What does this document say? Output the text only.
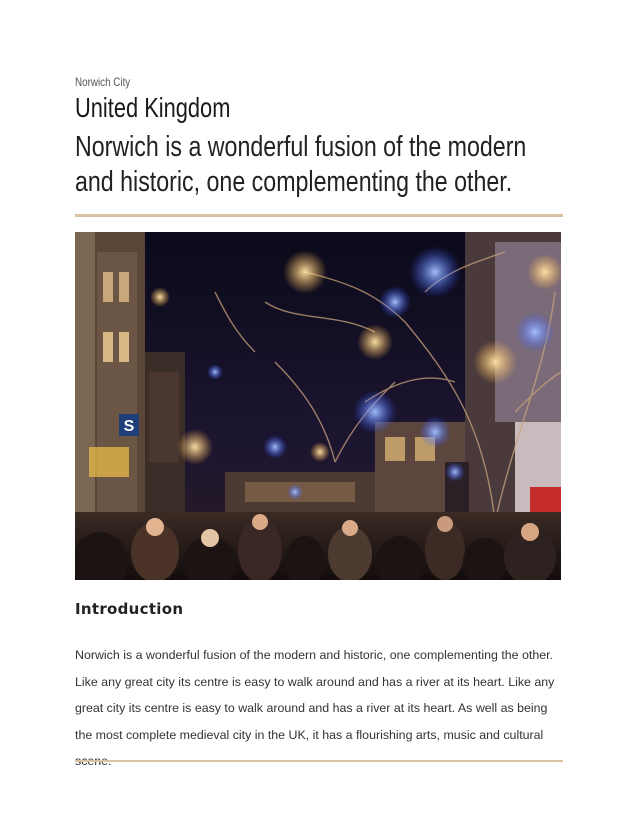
Norwich City
United Kingdom
Norwich is a wonderful fusion of the modern and historic, one complementing the other.
S
Introduction

Norwich is a wonderful fusion of the modern and historic, one complementing the other. Like any great city its centre is easy to walk around and has a river at its heart. Like any great city its centre is easy to walk around and has a river at its heart. As well as being the most complete medieval city in the UK, it has a flourishing arts, music and cultural
